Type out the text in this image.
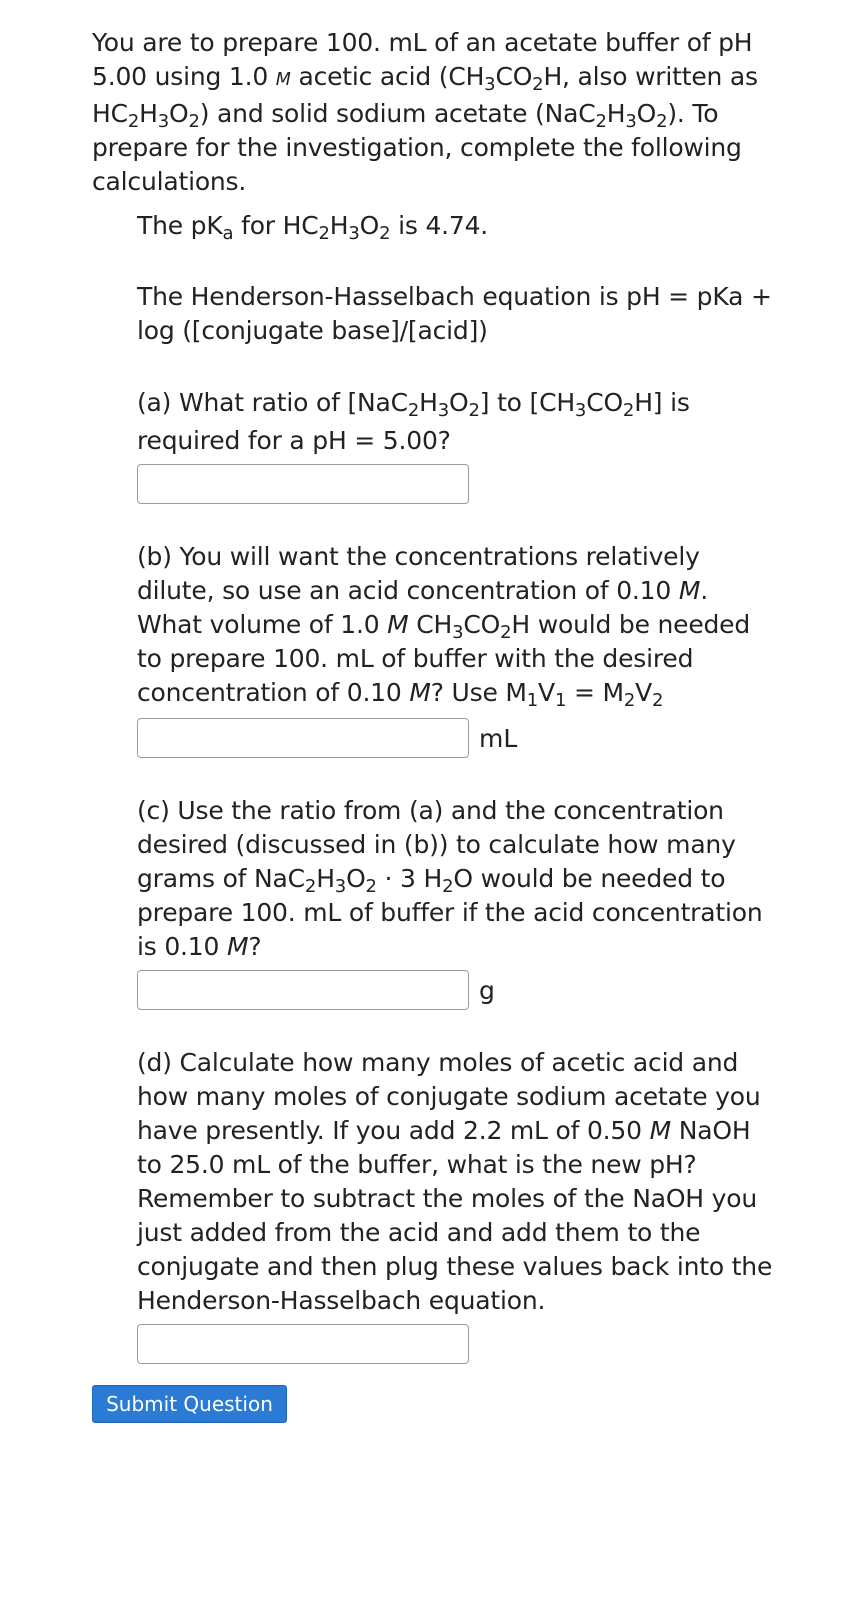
You are to prepare 100. mL of an acetate buffer of pH 5.00 using 1.0 M acetic acid ($CH_3CO_2H$, also written as $HC_2H_3O_2$) and solid sodium acetate $(NaC_2H_3O_2)$. To prepare for the investigation, complete the following calculations.
The $pK_a$ for $HC_2H_3O_2$ is 4.74.
The Henderson-Hasselbach equation is pH = pKa + log ([conjugate base]/[acid])
(a) What ratio of $[NaC_2H_3O_2]$ to $[CH_3CO_2H]$ is required for a pH = 5.00?
(b) You will want the concentrations relatively dilute, so use an acid concentration of 0.10 M. What volume of 1.0 M $CH_3CO_2H$ would be needed to prepare 100. mL of buffer with the desired concentration of 0.10 M? Use $M_1V_1 = M_2V_2$
mL
(c) Use the ratio from (a) and the concentration desired (discussed in (b)) to calculate how many grams of $NaC_2H_3O_2 \cdot 3$ $H_2O$ would be needed to prepare 100. mL of buffer if the acid concentration is 0.10 M?
g
(d) Calculate how many moles of acetic acid and how many moles of conjugate sodium acetate you have presently. If you add 2.2 mL of 0.50 M NaOH to 25.0 mL of the buffer, what is the new pH? Remember to subtract the moles of the NaOH you just added from the acid and add them to the conjugate and then plug these values back into the Henderson-Hasselbach equation.
Submit Question
